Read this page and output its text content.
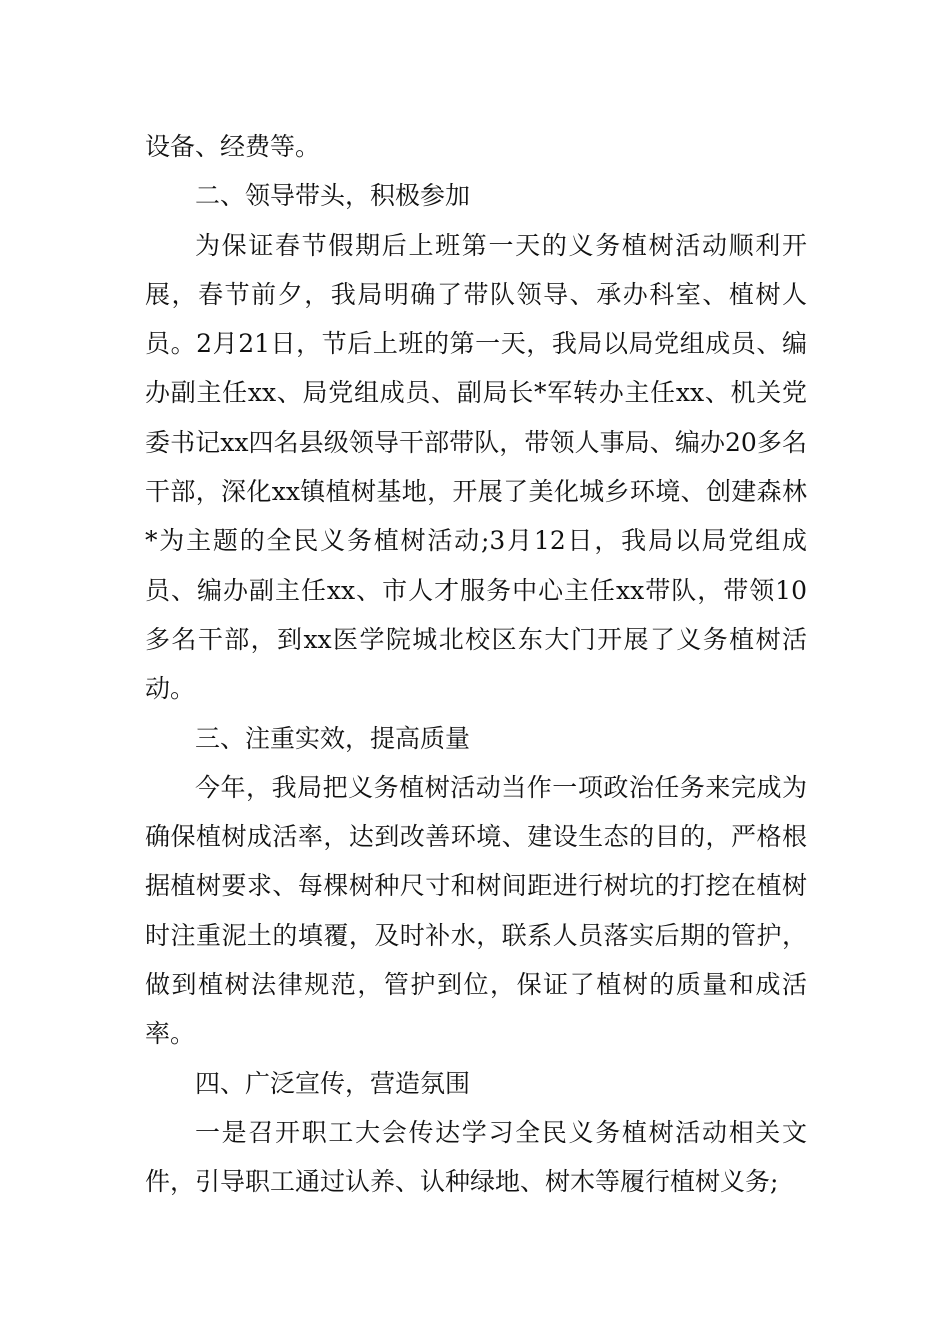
设备、经费等。

二、领导带头，积极参加

为保证春节假期后上班第一天的义务植树活动顺利开展，春节前夕，我局明确了带队领导、承办科室、植树人员。2月21日，节后上班的第一天，我局以局党组成员、编办副主任xx、局党组成员、副局长*军转办主任xx、机关党委书记xx四名县级领导干部带队，带领人事局、编办20多名干部，深化xx镇植树基地，开展了美化城乡环境、创建森林*为主题的全民义务植树活动;3月12日，我局以局党组成员、编办副主任xx、市人才服务中心主任xx带队，带领10多名干部，到xx医学院城北校区东大门开展了义务植树活动。

三、注重实效，提高质量

今年，我局把义务植树活动当作一项政治任务来完成为确保植树成活率，达到改善环境、建设生态的目的，严格根据植树要求、每棵树种尺寸和树间距进行树坑的打挖在植树时注重泥土的填覆，及时补水，联系人员落实后期的管护，做到植树法律规范，管护到位，保证了植树的质量和成活率。

四、广泛宣传，营造氛围

一是召开职工大会传达学习全民义务植树活动相关文件，引导职工通过认养、认种绿地、树木等履行植树义务;
